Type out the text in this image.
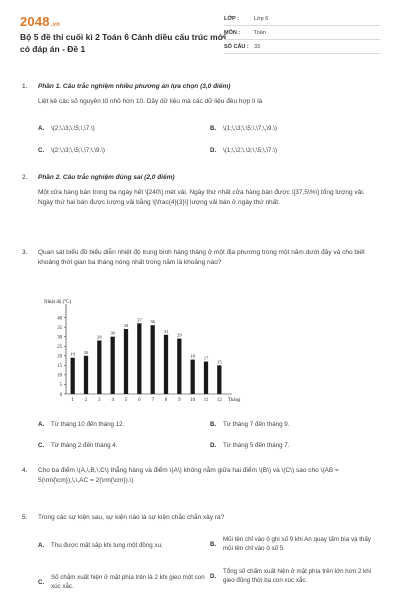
2048.vn
Bộ 5 đề thi cuối kì 2 Toán 6 Cánh diều cấu trúc mới có đáp án - Đề 1
LỚP :	Lớp 6
MÔN :	Toán
SỐ CÂU : 33
1.	Phần 1. Câu trắc nghiệm nhiều phương án lựa chọn (3,0 điểm)
Liệt kê các số nguyên tố nhỏ hơn 10. Dãy dữ liệu mà các dữ liệu đều hợp lí là
A. \(2;\,\3;\,\5;\,\7.\)	B. \(1;\,\3;\,\5;\,\7;\,\9.\)
C. \(2;\,\3;\,\5;\,\7;\,\9.\)	D. \(1;\,\2;\,\3;\,\5;\,\7.\)
2.	Phần 2. Câu trắc nghiệm đúng sai (2,0 điểm)
Một cửa hàng bán trong ba ngày hết \[240\] mét vải. Ngày thứ nhất cửa hàng bán được \[37,5\%\] tổng lượng vải. Ngày thứ hai bán được lượng vải bằng \[\frac{4}{3}\] lượng vải bán ở ngày thứ nhất.
3.	Quan sát biểu đồ biểu diễn nhiệt độ trung bình hàng tháng ở một địa phương trong một năm dưới đây và cho biết khoảng thời gian ba tháng nóng nhất trong năm là khoảng nào?
Nhiệt độ (°C)
0
5
10
15
20
25
30
35
40
19
1
20
2
28
3
30
4
34
5
37
6
36
7
31
8
29
9
18
10
17
11
15
12 Tháng
A. Từ tháng 10 đến tháng 12.	B. Từ tháng 7 đến tháng 9.
C. Từ tháng 2 đến tháng 4.	D. Từ tháng 5 đến tháng 7.
4.	Cho ba điểm \(A,\,B,\,C\) thẳng hàng và điểm \(A\) không nằm giữa hai điểm \(B\) và \(C\) sao cho \(AB = 5(\rm{\cm}),\,\,AC = 2(\rm{\cm}).\)
5.	Trong các sự kiện sau, sự kiện nào là sự kiện chắc chắn xảy ra?
A. Thu được mặt sấp khi tung một đồng xu.	B.
Mũi tên chỉ vào ô ghi số 9 khi An quay tấm bìa và thấy mũi tên chỉ vào ô số 5.
C.
Số chấm xuất hiện ở mặt phía trên là 2 khi gieo một con xúc xắc.
D.
Tổng số chấm xuất hiện ở mặt phía trên lớn hơn 2 khi gieo đồng thời ba con xúc xắc.
